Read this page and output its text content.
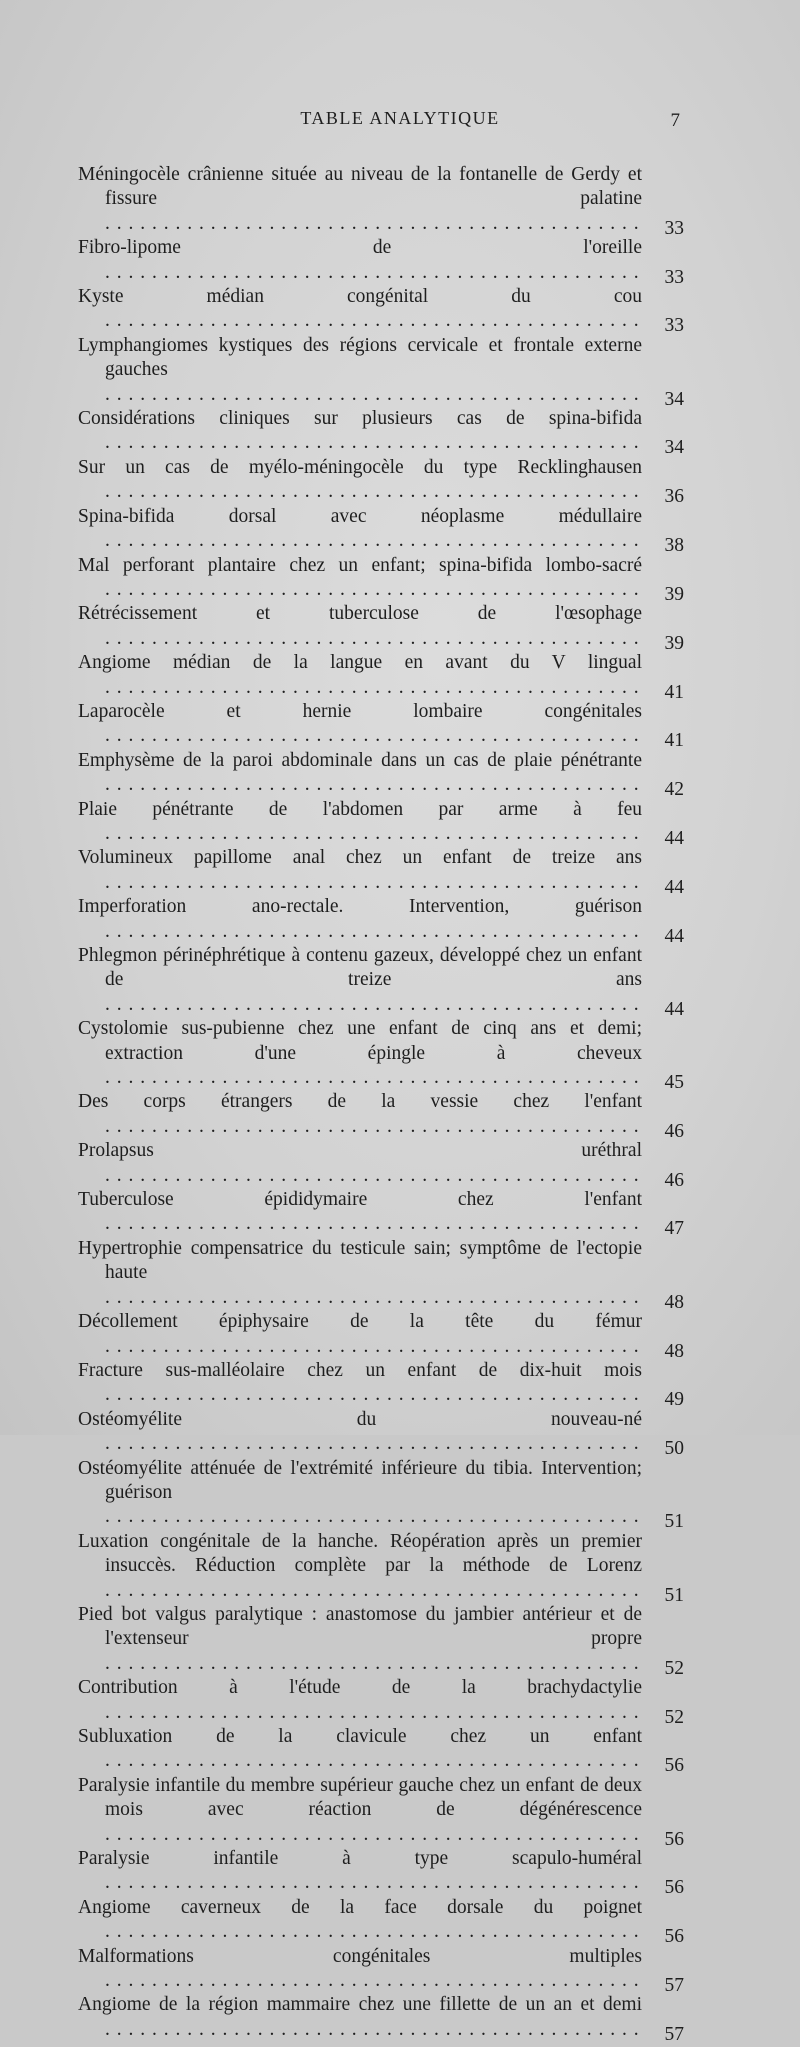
TABLE ANALYTIQUE	7
Méningocèle crânienne située au niveau de la fontanelle de Gerdy et fissure palatine . . .
33
Fibro-lipome de l'oreille . . .
33
Kyste médian congénital du cou . . .
33
Lymphangiomes kystiques des régions cervicale et frontale externe gauches . . .
34
Considérations cliniques sur plusieurs cas de spina-bifida . . .
34
Sur un cas de myélo-méningocèle du type Recklinghausen . . .
36
Spina-bifida dorsal avec néoplasme médullaire . . .
38
Mal perforant plantaire chez un enfant; spina-bifida lombo-sacré . . .
39
Rétrécissement et tuberculose de l'œsophage . . .
39
Angiome médian de la langue en avant du V lingual . . .
41
Laparocèle et hernie lombaire congénitales . . .
41
Emphysème de la paroi abdominale dans un cas de plaie pénétrante . . .
42
Plaie pénétrante de l'abdomen par arme à feu . . .
44
Volumineux papillome anal chez un enfant de treize ans . . .
44
Imperforation ano-rectale. Intervention, guérison . . .
44
Phlegmon périnéphrétique à contenu gazeux, développé chez un enfant de treize ans . . .
44
Cystolomie sus-pubienne chez une enfant de cinq ans et demi; extraction d'une épingle à cheveux . . .
45
Des corps étrangers de la vessie chez l'enfant . . .
46
Prolapsus uréthral . . .
46
Tuberculose épididymaire chez l'enfant . . .
47
Hypertrophie compensatrice du testicule sain; symptôme de l'ectopie haute . . .
48
Décollement épiphysaire de la tête du fémur . . .
48
Fracture sus-malléolaire chez un enfant de dix-huit mois . . .
49
Ostéomyélite du nouveau-né . . .
50
Ostéomyélite atténuée de l'extrémité inférieure du tibia. Intervention; guérison . . .
51
Luxation congénitale de la hanche. Réopération après un premier insuccès. Réduction complète par la méthode de Lorenz . . .
51
Pied bot valgus paralytique : anastomose du jambier antérieur et de l'extenseur propre . . .
52
Contribution à l'étude de la brachydactylie . . .
52
Subluxation de la clavicule chez un enfant . . .
56
Paralysie infantile du membre supérieur gauche chez un enfant de deux mois avec réaction de dégénérescence . . .
56
Paralysie infantile à type scapulo-huméral . . .
56
Angiome caverneux de la face dorsale du poignet . . .
56
Malformations congénitales multiples . . .
57
Angiome de la région mammaire chez une fillette de un an et demi . . .
57
